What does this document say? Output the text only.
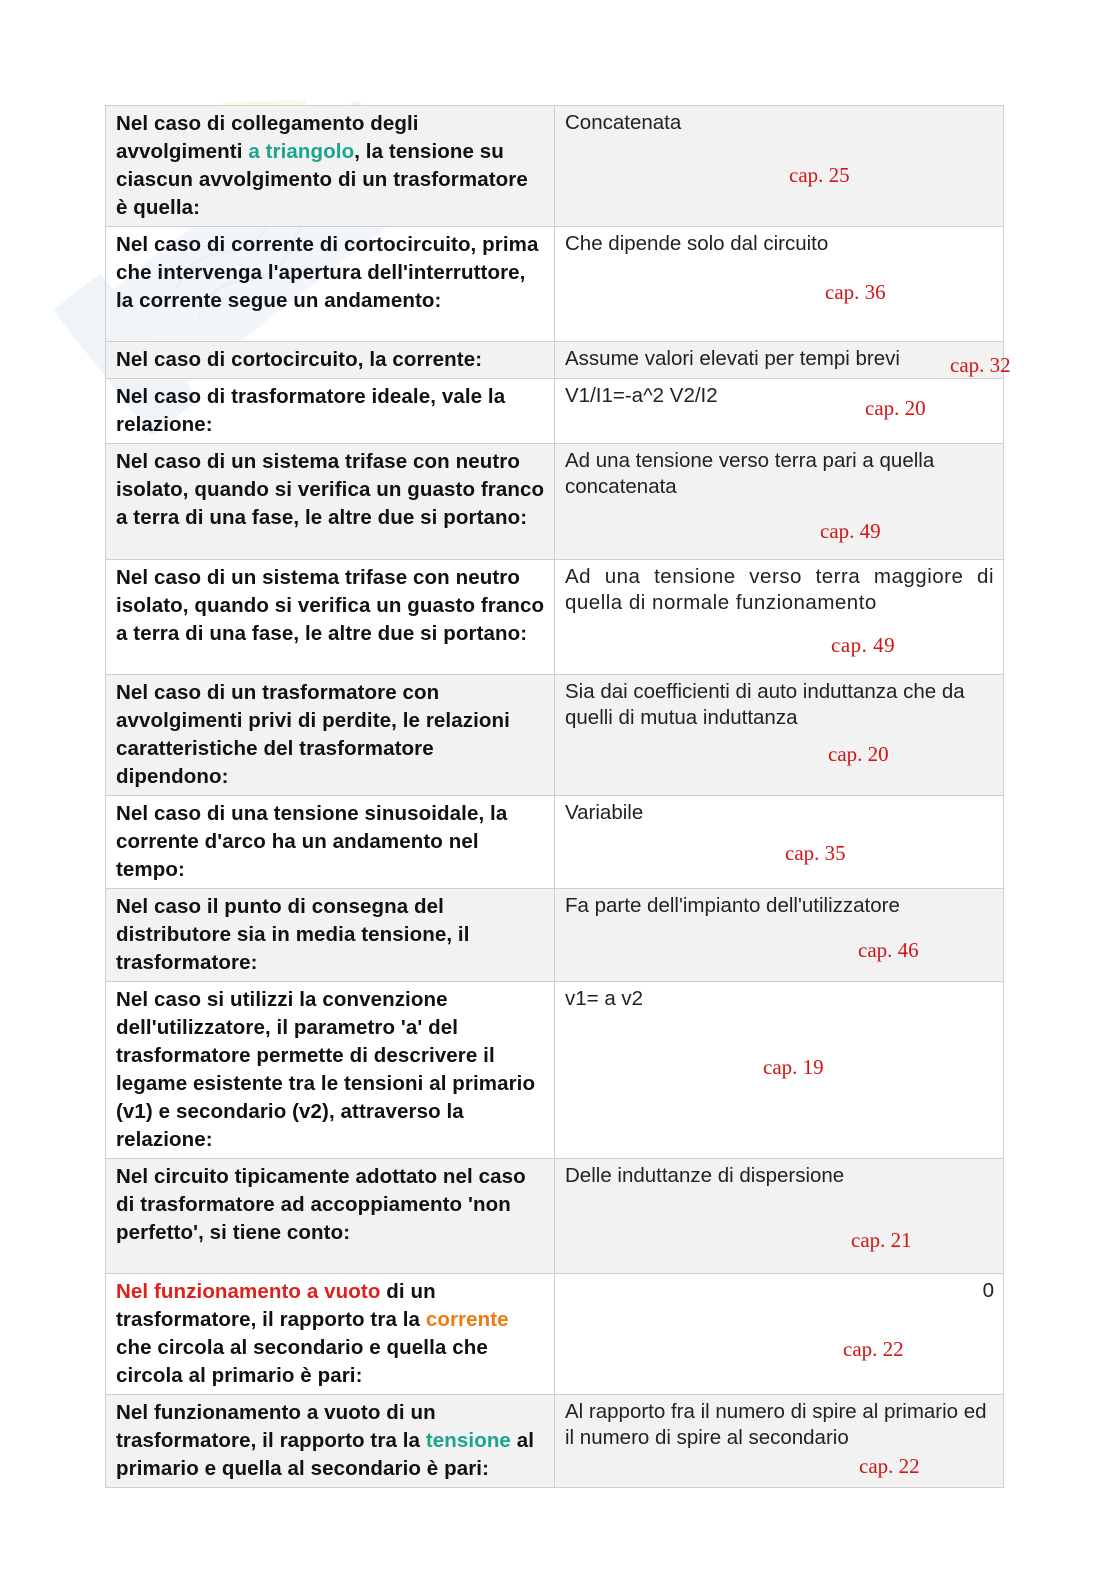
Nel caso di collegamento degli avvolgimenti a triangolo, la tensione su ciascun avvolgimento di un trasformatore è quella:	Concatenata
cap. 25

Nel caso di corrente di cortocircuito, prima che intervenga l'apertura dell'interruttore, la corrente segue un andamento:	Che dipende solo dal circuito
cap. 36

Nel caso di cortocircuito, la corrente:	Assume valori elevati per tempi brevi cap. 32

Nel caso di trasformatore ideale, vale la relazione:	V1/I1=-a^2 V2/I2
cap. 20

Nel caso di un sistema trifase con neutro isolato, quando si verifica un guasto franco a terra di una fase, le altre due si portano:	Ad una tensione verso terra pari a quella concatenata
cap. 49

Nel caso di un sistema trifase con neutro isolato, quando si verifica un guasto franco a terra di una fase, le altre due si portano:	Ad una tensione verso terra maggiore di quella di normale funzionamento
cap. 49

Nel caso di un trasformatore con avvolgimenti privi di perdite, le relazioni caratteristiche del trasformatore dipendono:	Sia dai coefficienti di auto induttanza che da quelli di mutua induttanza
cap. 20

Nel caso di una tensione sinusoidale, la corrente d'arco ha un andamento nel tempo:	Variabile
cap. 35

Nel caso il punto di consegna del distributore sia in media tensione, il trasformatore:	Fa parte dell'impianto dell'utilizzatore
cap. 46

Nel caso si utilizzi la convenzione dell'utilizzatore, il parametro 'a' del trasformatore permette di descrivere il legame esistente tra le tensioni al primario (v1) e secondario (v2), attraverso la relazione:	v1= a v2
cap. 19

Nel circuito tipicamente adottato nel caso di trasformatore ad accoppiamento 'non perfetto', si tiene conto:	Delle induttanze di dispersione
cap. 21

Nel funzionamento a vuoto di un trasformatore, il rapporto tra la corrente che circola al secondario e quella che circola al primario è pari:	0
cap. 22

Nel funzionamento a vuoto di un trasformatore, il rapporto tra la tensione al primario e quella al secondario è pari:	Al rapporto fra il numero di spire al primario ed il numero di spire al secondario
cap. 22
